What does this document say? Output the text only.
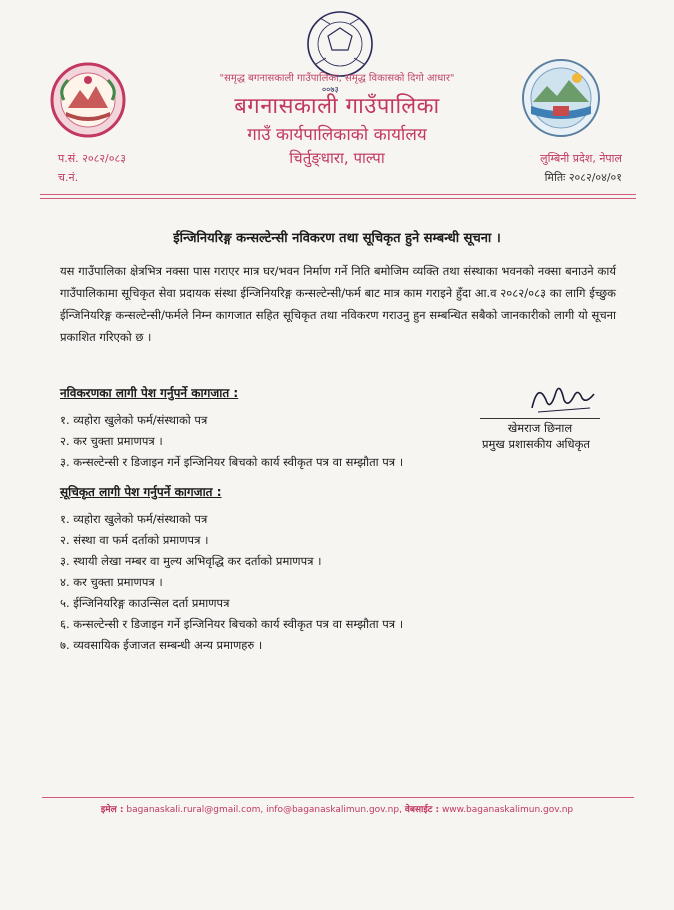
००७३
"समृद्ध बगनासकाली गाउँपालिका, समृद्ध विकासको दिगो आधार"
बगनासकाली गाउँपालिका
गाउँ कार्यपालिकाको कार्यालय
चिर्तुङ्धारा, पाल्पा
प.सं. २०८२/०८३
च.नं.
लुम्बिनी प्रदेश, नेपाल
मितिः २०८२/०४/०१
ईन्जिनियरिङ्ग कन्सल्टेन्सी नविकरण तथा सूचिकृत हुने सम्बन्धी सूचना ।
यस गाउँपालिका क्षेत्रभित्र नक्सा पास गराएर मात्र घर/भवन निर्माण गर्ने निति बमोजिम व्यक्ति तथा संस्थाका भवनको नक्सा बनाउने कार्य गाउँपालिकामा सूचिकृत सेवा प्रदायक संस्था ईन्जिनियरिङ्ग कन्सल्टेन्सी/फर्म बाट मात्र काम गराइने हुँदा आ.व २०८२/०८३ का लागि ईच्छुक ईन्जिनियरिङ्ग कन्सल्टेन्सी/फर्मले निम्न कागजात सहित सूचिकृत तथा नविकरण गराउनु हुन सम्बन्धित सबैको जानकारीको लागी यो सूचना प्रकाशित गरिएको छ ।
नविकरणका लागी पेश गर्नुपर्ने कागजात :
१. व्यहोरा खुलेको फर्म/संस्थाको पत्र
२. कर चुक्ता प्रमाणपत्र ।
३. कन्सल्टेन्सी र डिजाइन गर्ने इन्जिनियर बिचको कार्य स्वीकृत पत्र वा सम्झौता पत्र ।
खेमराज छिनाल
प्रमुख प्रशासकीय अधिकृत
सूचिकृत लागी पेश गर्नुपर्ने कागजात :
१. व्यहोरा खुलेको फर्म/संस्थाको पत्र
२. संस्था वा फर्म दर्ताको प्रमाणपत्र ।
३. स्थायी लेखा नम्बर वा मुल्य अभिवृद्धि कर दर्ताको प्रमाणपत्र ।
४. कर चुक्ता प्रमाणपत्र ।
५. ईन्जिनियरिङ्ग काउन्सिल दर्ता प्रमाणपत्र
६. कन्सल्टेन्सी र डिजाइन गर्ने इन्जिनियर बिचको कार्य स्वीकृत पत्र वा सम्झौता पत्र ।
७. व्यवसायिक ईजाजत सम्बन्धी अन्य प्रमाणहरु ।
इमेल : baganaskali.rural@gmail.com, info@baganaskalimun.gov.np, वेबसाईट : www.baganaskalimun.gov.np
